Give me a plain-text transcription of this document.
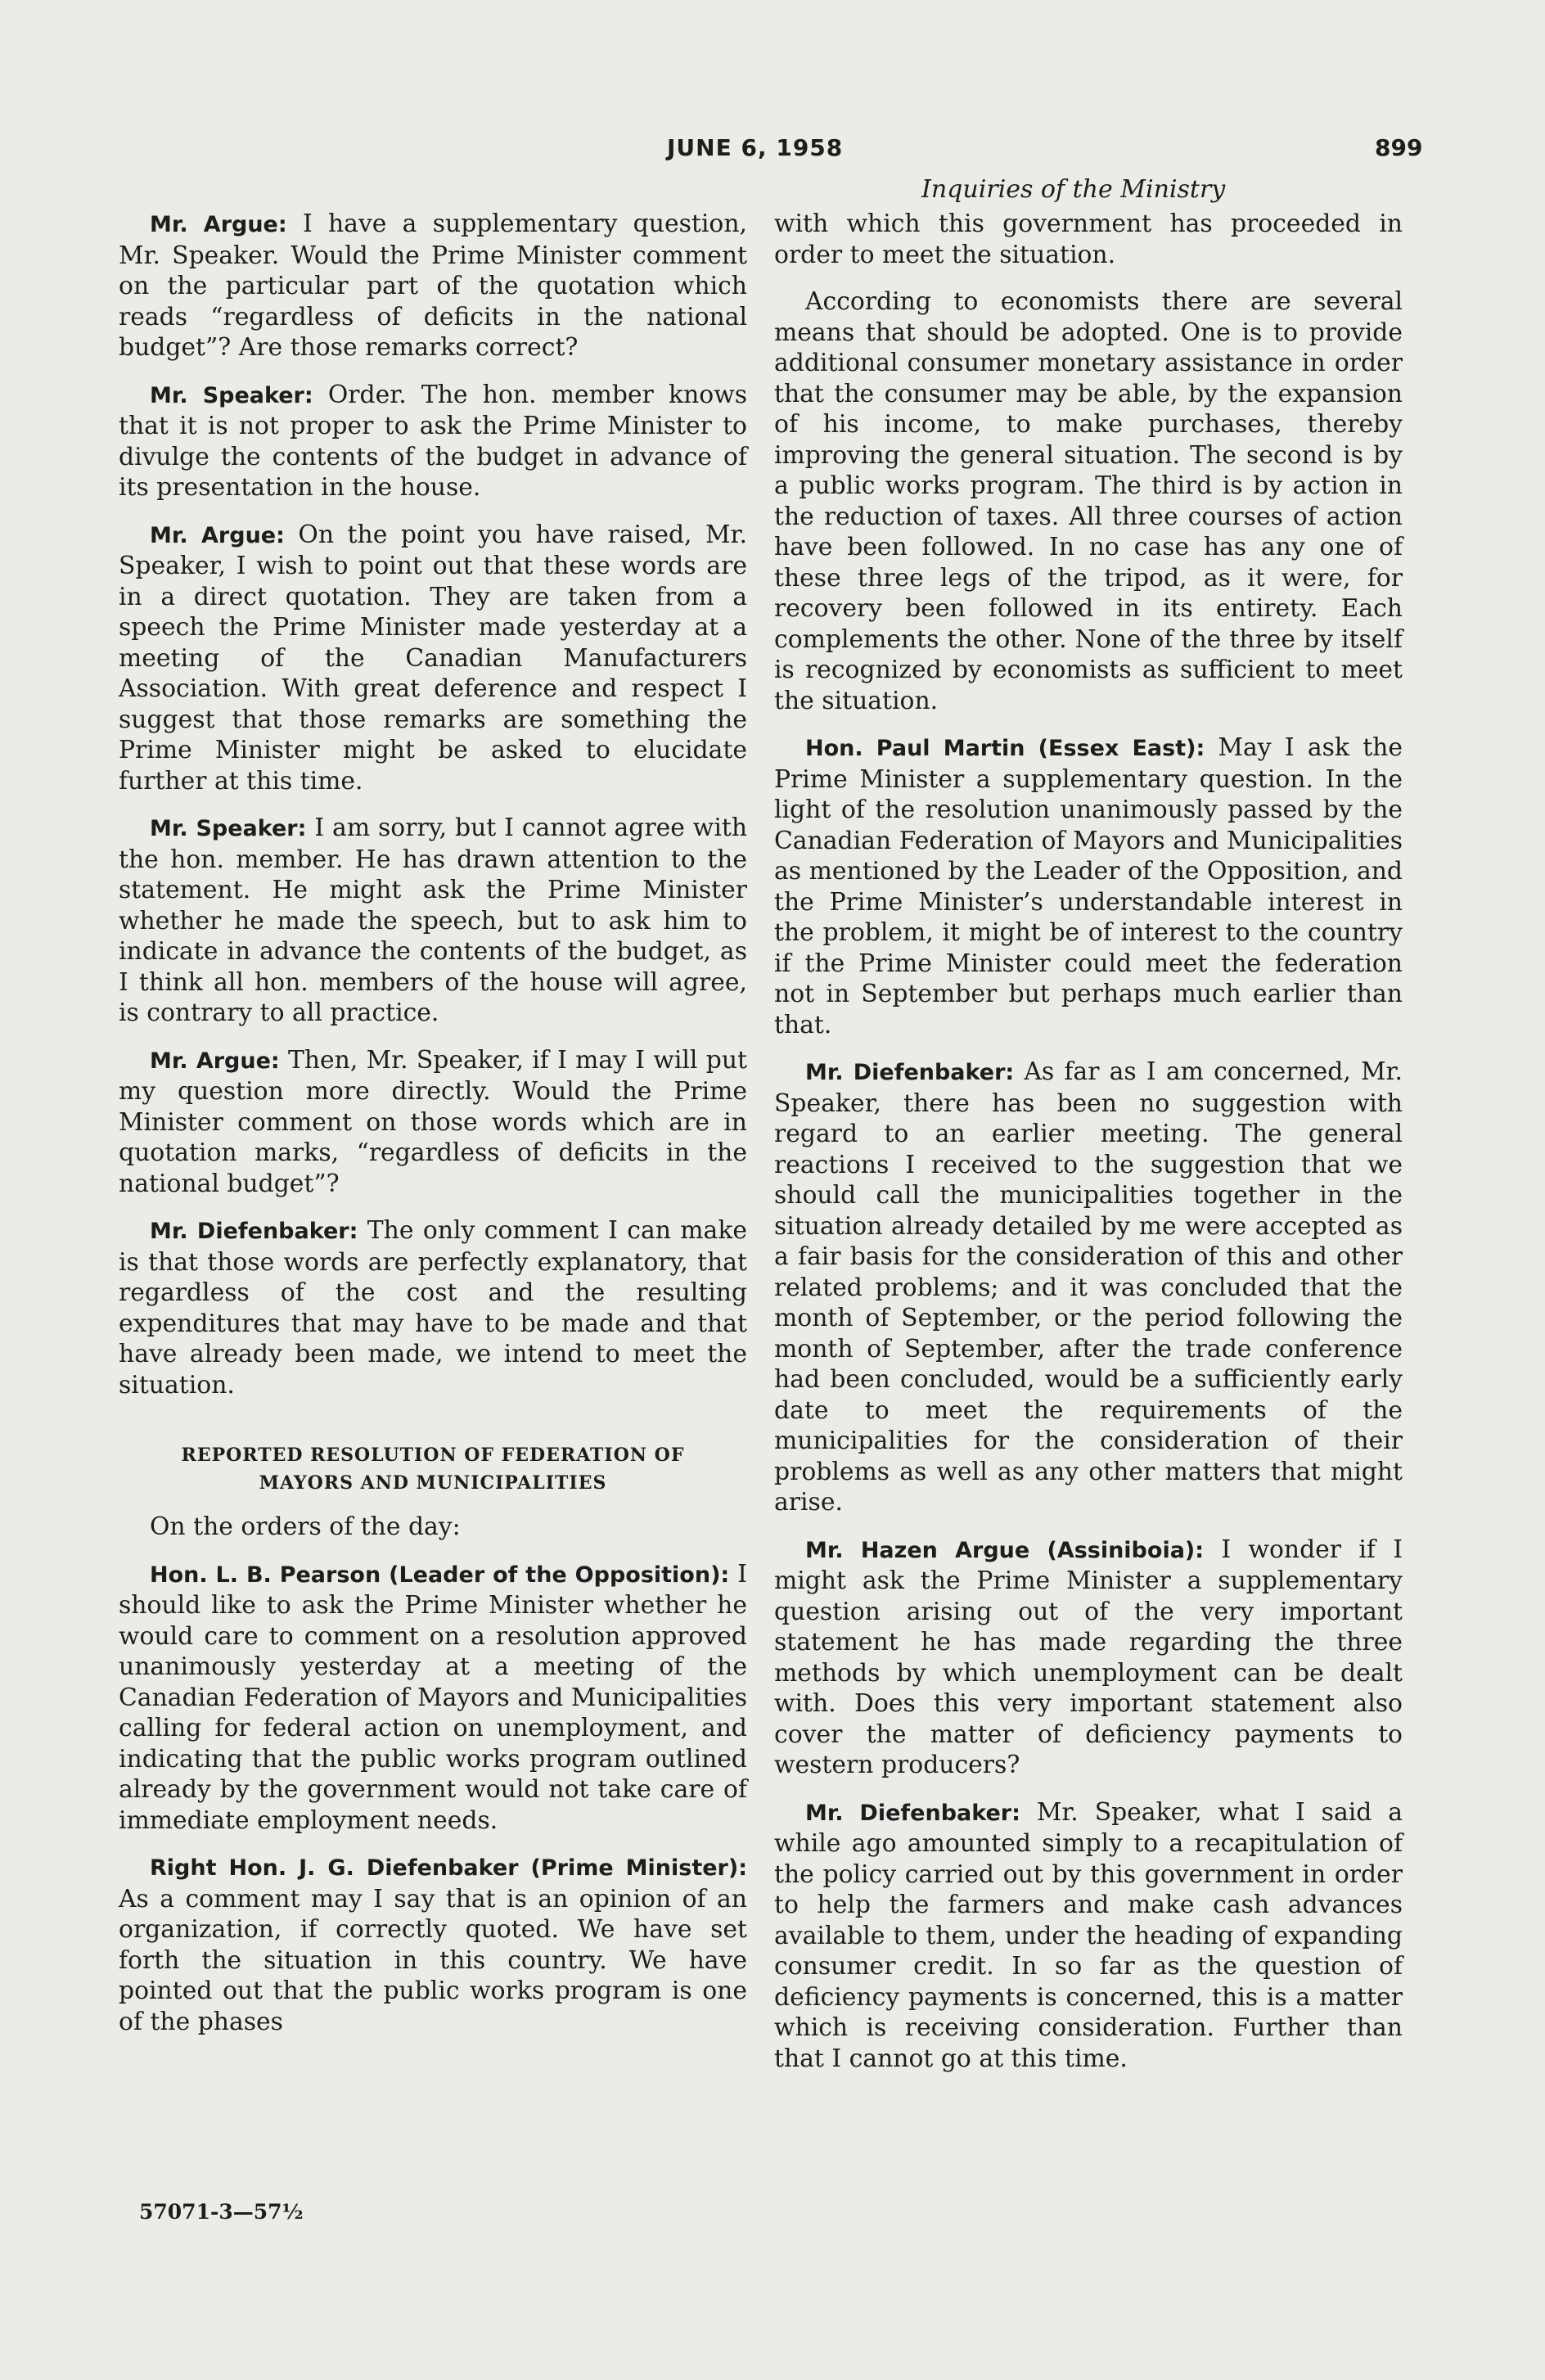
JUNE 6, 1958	899
Inquiries of the Ministry

Mr. Argue: I have a supplementary question, Mr. Speaker. Would the Prime Minister comment on the particular part of the quotation which reads “regardless of deficits in the national budget”? Are those remarks correct?

Mr. Speaker: Order. The hon. member knows that it is not proper to ask the Prime Minister to divulge the contents of the budget in advance of its presentation in the house.

Mr. Argue: On the point you have raised, Mr. Speaker, I wish to point out that these words are in a direct quotation. They are taken from a speech the Prime Minister made yesterday at a meeting of the Canadian Manufacturers Association. With great deference and respect I suggest that those remarks are something the Prime Minister might be asked to elucidate further at this time.

Mr. Speaker: I am sorry, but I cannot agree with the hon. member. He has drawn attention to the statement. He might ask the Prime Minister whether he made the speech, but to ask him to indicate in advance the contents of the budget, as I think all hon. members of the house will agree, is contrary to all practice.

Mr. Argue: Then, Mr. Speaker, if I may I will put my question more directly. Would the Prime Minister comment on those words which are in quotation marks, “regardless of deficits in the national budget”?

Mr. Diefenbaker: The only comment I can make is that those words are perfectly explanatory, that regardless of the cost and the resulting expenditures that may have to be made and that have already been made, we intend to meet the situation.

REPORTED RESOLUTION OF FEDERATION OF
MAYORS AND MUNICIPALITIES

On the orders of the day:

Hon. L. B. Pearson (Leader of the Opposition): I should like to ask the Prime Minister whether he would care to comment on a resolution approved unanimously yesterday at a meeting of the Canadian Federation of Mayors and Municipalities calling for federal action on unemployment, and indicating that the public works program outlined already by the government would not take care of immediate employment needs.

Right Hon. J. G. Diefenbaker (Prime Minister): As a comment may I say that is an opinion of an organization, if correctly quoted. We have set forth the situation in this country. We have pointed out that the public works program is one of the phases

with which this government has proceeded in order to meet the situation.

According to economists there are several means that should be adopted. One is to provide additional consumer monetary assistance in order that the consumer may be able, by the expansion of his income, to make purchases, thereby improving the general situation. The second is by a public works program. The third is by action in the reduction of taxes. All three courses of action have been followed. In no case has any one of these three legs of the tripod, as it were, for recovery been followed in its entirety. Each complements the other. None of the three by itself is recognized by economists as sufficient to meet the situation.

Hon. Paul Martin (Essex East): May I ask the Prime Minister a supplementary question. In the light of the resolution unanimously passed by the Canadian Federation of Mayors and Municipalities as mentioned by the Leader of the Opposition, and the Prime Minister’s understandable interest in the problem, it might be of interest to the country if the Prime Minister could meet the federation not in September but perhaps much earlier than that.

Mr. Diefenbaker: As far as I am concerned, Mr. Speaker, there has been no suggestion with regard to an earlier meeting. The general reactions I received to the suggestion that we should call the municipalities together in the situation already detailed by me were accepted as a fair basis for the consideration of this and other related problems; and it was concluded that the month of September, or the period following the month of September, after the trade conference had been concluded, would be a sufficiently early date to meet the requirements of the municipalities for the consideration of their problems as well as any other matters that might arise.

Mr. Hazen Argue (Assiniboia): I wonder if I might ask the Prime Minister a supplementary question arising out of the very important statement he has made regarding the three methods by which unemployment can be dealt with. Does this very important statement also cover the matter of deficiency payments to western producers?

Mr. Diefenbaker: Mr. Speaker, what I said a while ago amounted simply to a recapitulation of the policy carried out by this government in order to help the farmers and make cash advances available to them, under the heading of expanding consumer credit. In so far as the question of deficiency payments is concerned, this is a matter which is receiving consideration. Further than that I cannot go at this time.

57071-3—57½
